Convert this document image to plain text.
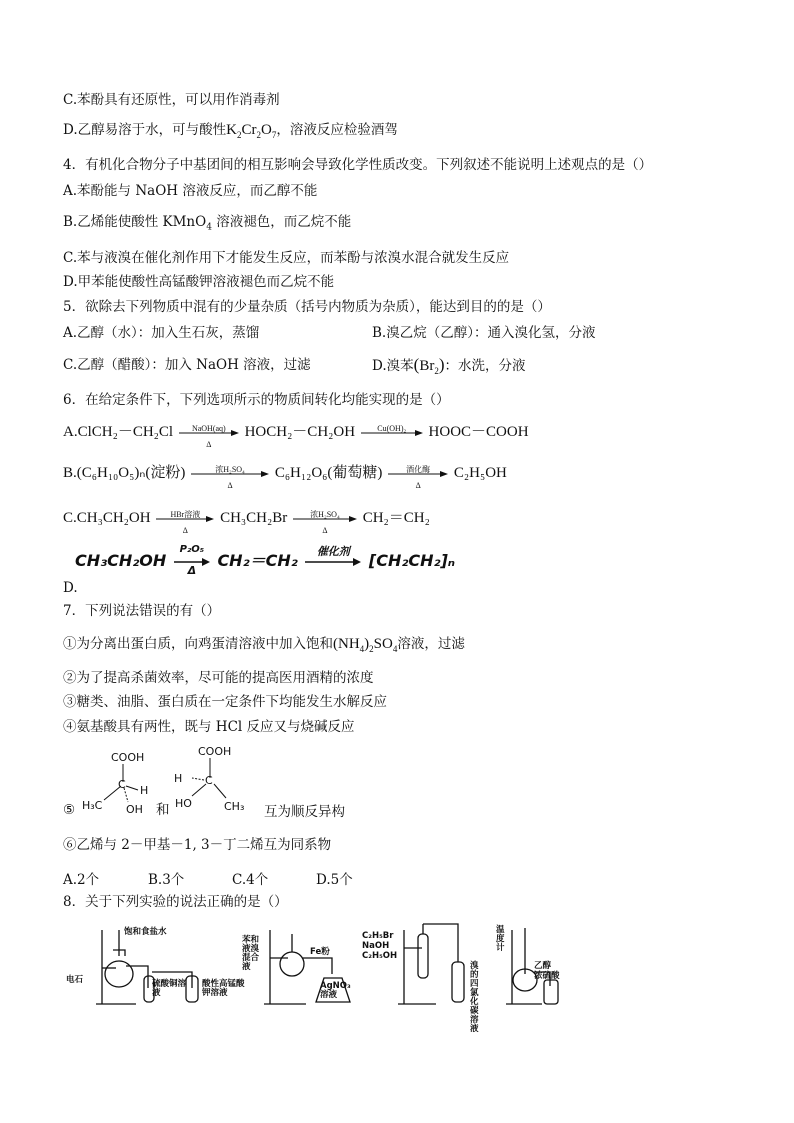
C.苯酚具有还原性，可以用作消毒剂
D.乙醇易溶于水，可与酸性$K_2Cr_2O_7$，溶液反应检验酒驾
4．有机化合物分子中基团间的相互影响会导致化学性质改变。下列叙述不能说明上述观点的是（）
A.苯酚能与 NaOH 溶液反应，而乙醇不能
B.乙烯能使酸性 KMnO$_4$ 溶液褪色，而乙烷不能
C.苯与液溴在催化剂作用下才能发生反应，而苯酚与浓溴水混合就发生反应
D.甲苯能使酸性高锰酸钾溶液褪色而乙烷不能
5．欲除去下列物质中混有的少量杂质（括号内物质为杂质），能达到目的的是（）
A.乙醇（水）：加入生石灰，蒸馏	B.溴乙烷（乙醇）：通入溴化氢，分液
C.乙醇（醋酸）：加入 NaOH 溶液，过滤	D.溴苯$(Br_2)$：水洗，分液
6．在给定条件下，下列选项所示的物质间转化均能实现的是（）
A.ClCH₂－CH₂Cl	NaOH(aq)
Δ
HOCH₂－CH₂OH	Cu(OH)₂	HOOC－COOH
B.(C₆H₁₀O₅)ₙ(淀粉)	浓H₂SO₄
Δ
C₆H₁₂O₆(葡萄糖)	酒化酶
Δ
C₂H₅OH
C.CH₃CH₂OH	HBr溶液
Δ
CH₃CH₂Br	浓H₂SO₄
Δ
CH₂＝CH₂
CH₃CH₂OH
P₂O₅
Δ	CH₂＝CH₂	催化剂	[CH₂CH₂]ₙ
D.
7．下列说法错误的有（）
①为分离出蛋白质，向鸡蛋清溶液中加入饱和$(NH_4)_2SO_4$溶液，过滤
②为了提高杀菌效率，尽可能的提高医用酒精的浓度
③糖类、油脂、蛋白质在一定条件下均能发生水解反应
④氨基酸具有两性，既与 HCl 反应又与烧碱反应
⑤
COOH
C H
H₃C OH 和
COOH
C
H
HO	CH₃ 互为顺反异构
⑥乙烯与 2－甲基－1, 3－丁二烯互为同系物
A.2个	B.3个	C.4个	D.5个
8．关于下列实验的说法正确的是（）
饱和食盐水
电石	硫酸铜溶液
酸性高锰酸钾溶液
苯和液溴混合液
Fe粉
AgNO₃溶液
C₂H₅Br
NaOH
C₂H₅OH
溴的四氯化碳溶液
温度计
乙醇
浓硫酸
